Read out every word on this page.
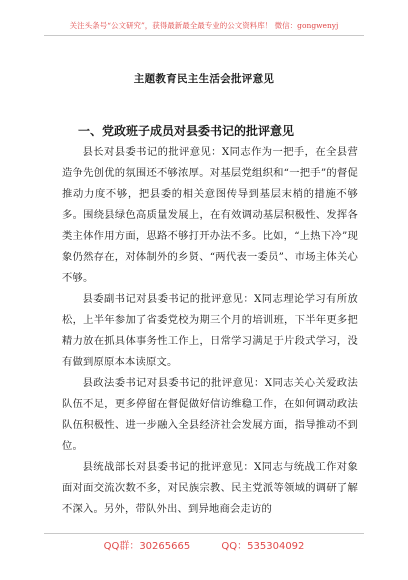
关注头条号“公文研究”，获得最新最全最专业的公文资料库！ 微信：gongwenyj
主题教育民主生活会批评意见
一、党政班子成员对县委书记的批评意见

县长对县委书记的批评意见：X同志作为一把手，在全县营造争先创优的氛围还不够浓厚。对基层党组织和“一把手”的督促推动力度不够，把县委的相关意图传导到基层末梢的措施不够多。围绕县绿色高质量发展上，在有效调动基层积极性、发挥各类主体作用方面，思路不够打开办法不多。比如，“上热下冷”现象仍然存在，对体制外的乡贤、“两代表一委员”、市场主体关心不够。

县委副书记对县委书记的批评意见：X同志理论学习有所放松，上半年参加了省委党校为期三个月的培训班，下半年更多把精力放在抓具体事务性工作上，日常学习满足于片段式学习，没有做到原原本本读原文。

县政法委书记对县委书记的批评意见：X同志关心关爱政法队伍不足，更多停留在督促做好信访维稳工作，在如何调动政法队伍积极性、进一步融入全县经济社会发展方面，指导推动不到位。

县统战部长对县委书记的批评意见：X同志与统战工作对象面对面交流次数不多，对民族宗教、民主党派等领域的调研了解不深入。另外，带队外出、到异地商会走访的

QQ群：30265665	QQ：535304092
